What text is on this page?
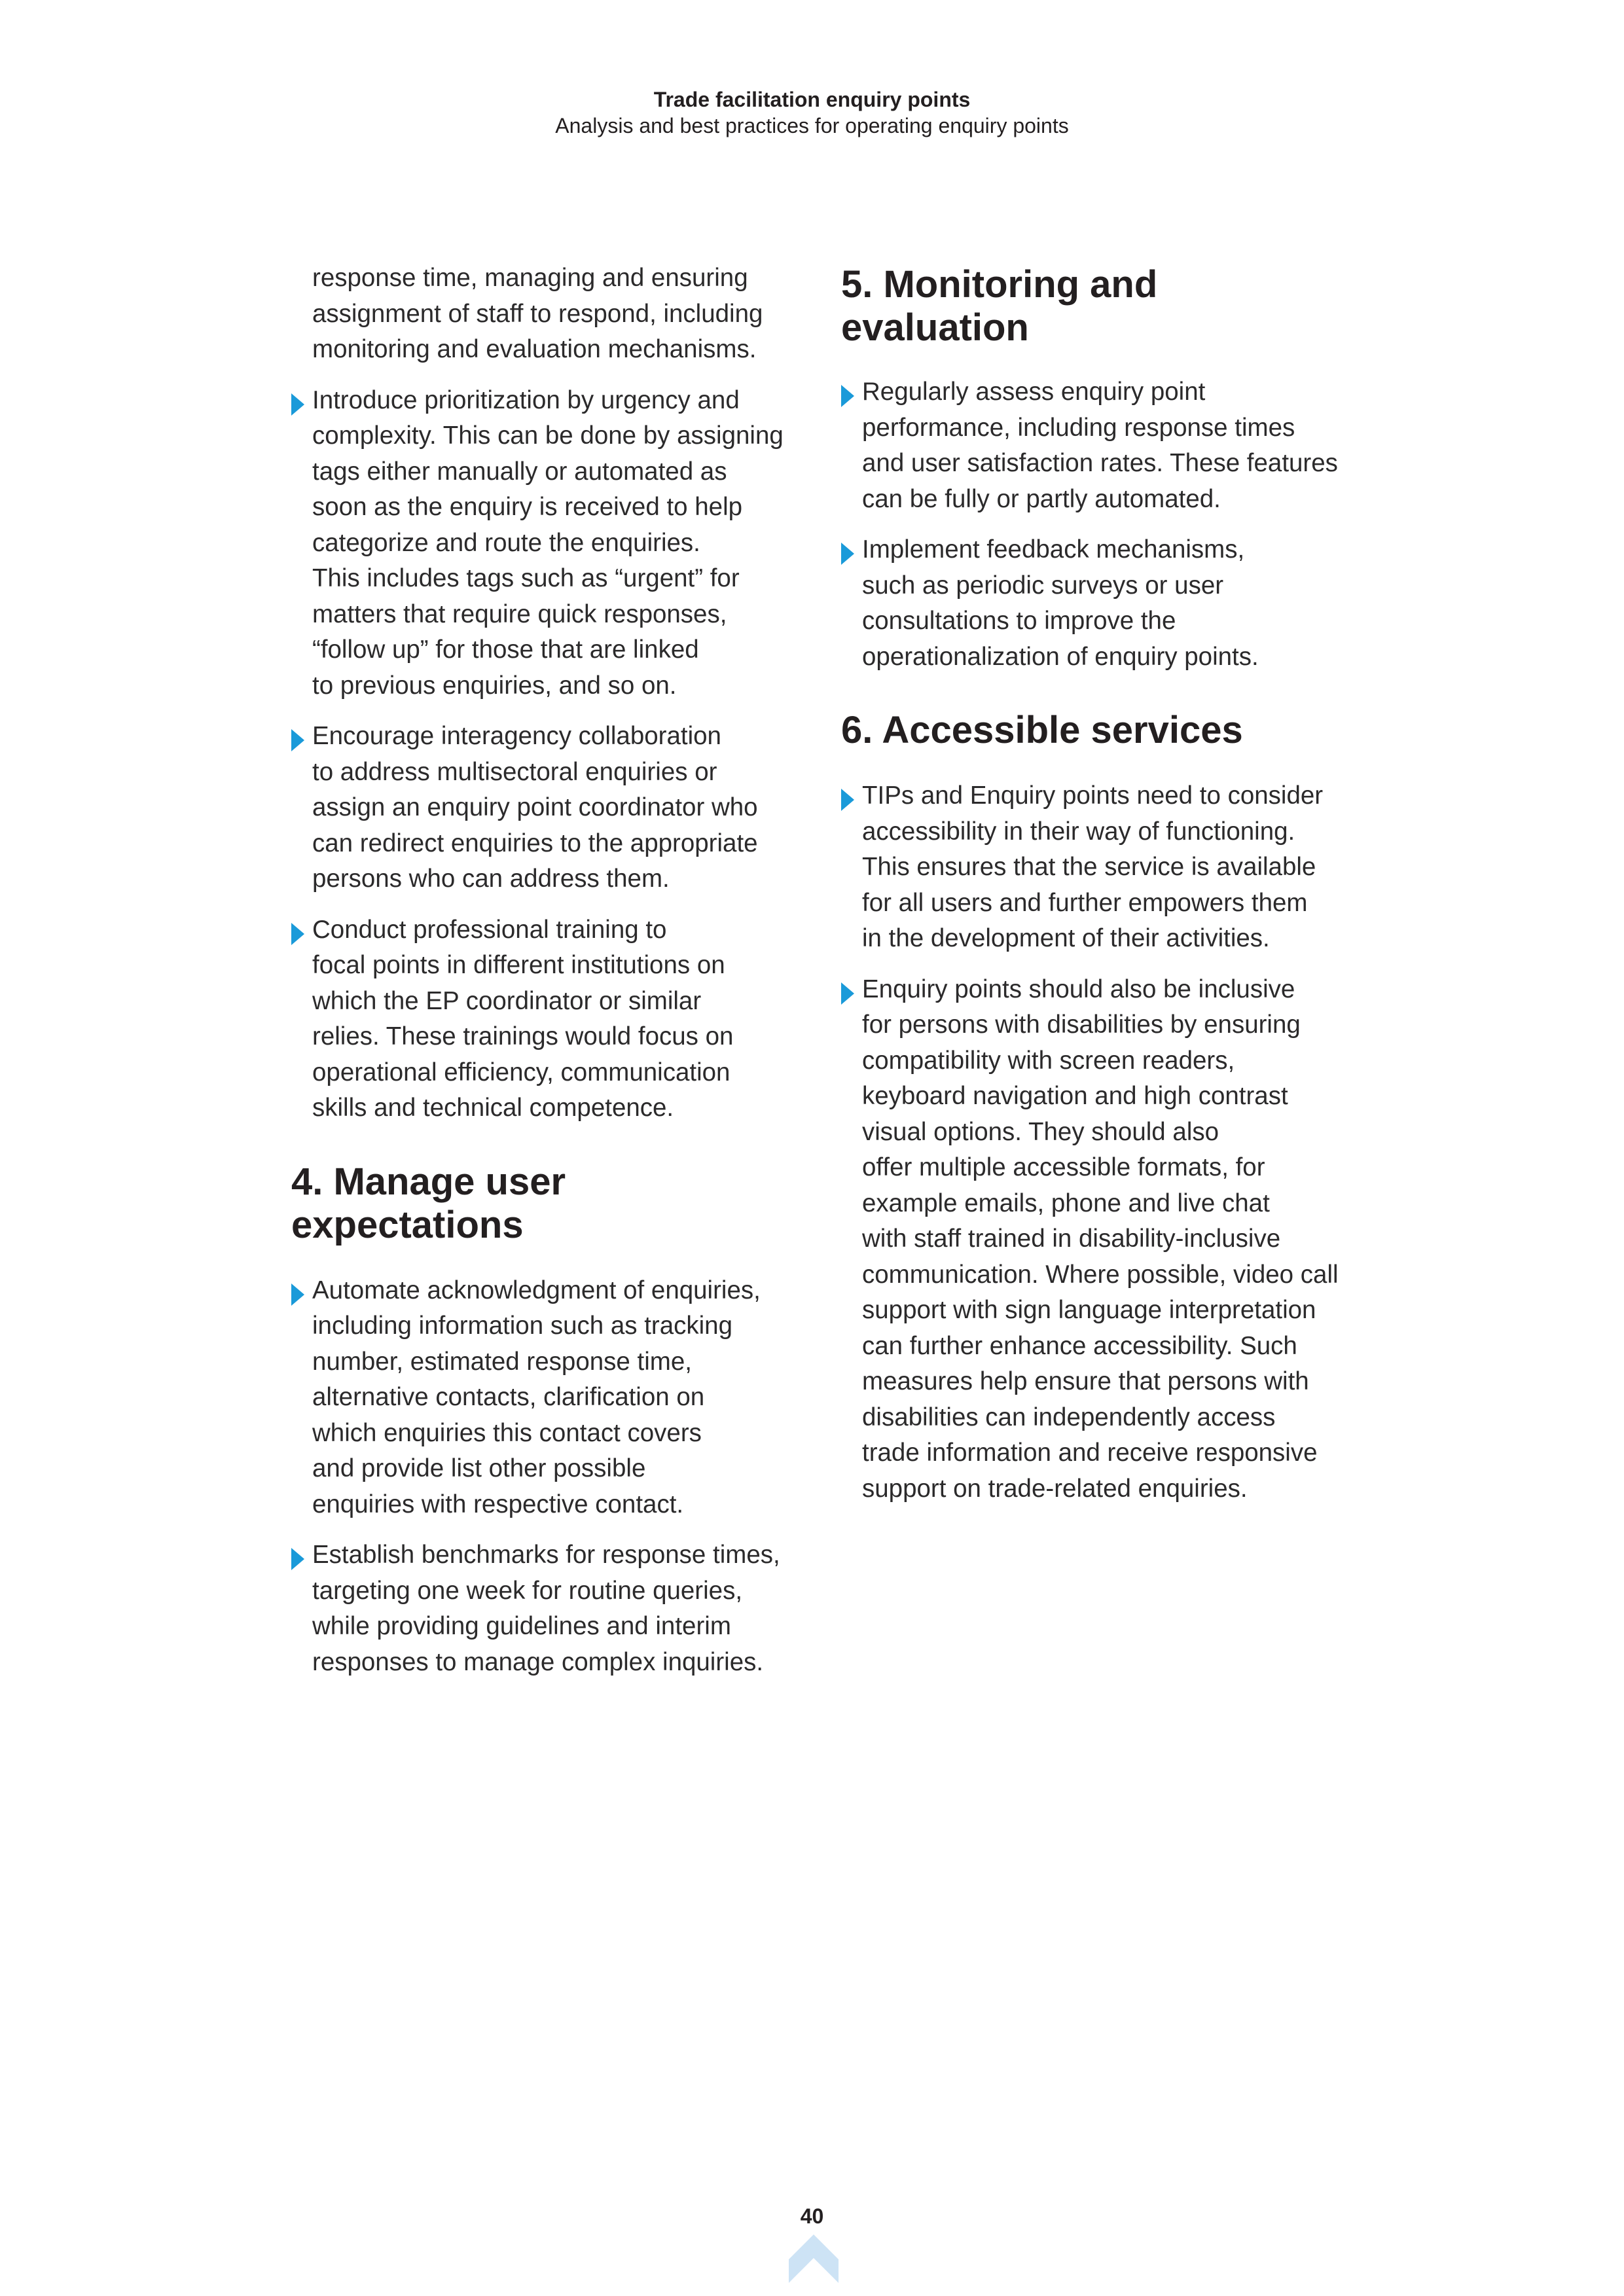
Trade facilitation enquiry points
Analysis and best practices for operating enquiry points

response time, managing and ensuring
assignment of staff to respond, including
monitoring and evaluation mechanisms.

Introduce prioritization by urgency and
complexity. This can be done by assigning
tags either manually or automated as
soon as the enquiry is received to help
categorize and route the enquiries.
This includes tags such as “urgent” for
matters that require quick responses,
“follow up” for those that are linked
to previous enquiries, and so on.

Encourage interagency collaboration
to address multisectoral enquiries or
assign an enquiry point coordinator who
can redirect enquiries to the appropriate
persons who can address them.

Conduct professional training to
focal points in different institutions on
which the EP coordinator or similar
relies. These trainings would focus on
operational efficiency, communication
skills and technical competence.

4. Manage user
expectations

Automate acknowledgment of enquiries,
including information such as tracking
number, estimated response time,
alternative contacts, clarification on
which enquiries this contact covers
and provide list other possible
enquiries with respective contact.

Establish benchmarks for response times,
targeting one week for routine queries,
while providing guidelines and interim
responses to manage complex inquiries.

5. Monitoring and
evaluation

Regularly assess enquiry point
performance, including response times
and user satisfaction rates. These features
can be fully or partly automated.

Implement feedback mechanisms,
such as periodic surveys or user
consultations to improve the
operationalization of enquiry points.

6. Accessible services

TIPs and Enquiry points need to consider
accessibility in their way of functioning.
This ensures that the service is available
for all users and further empowers them
in the development of their activities.

Enquiry points should also be inclusive
for persons with disabilities by ensuring
compatibility with screen readers,
keyboard navigation and high contrast
visual options. They should also
offer multiple accessible formats, for
example emails, phone and live chat
with staff trained in disability-inclusive
communication. Where possible, video call
support with sign language interpretation
can further enhance accessibility. Such
measures help ensure that persons with
disabilities can independently access
trade information and receive responsive
support on trade-related enquiries.

40
